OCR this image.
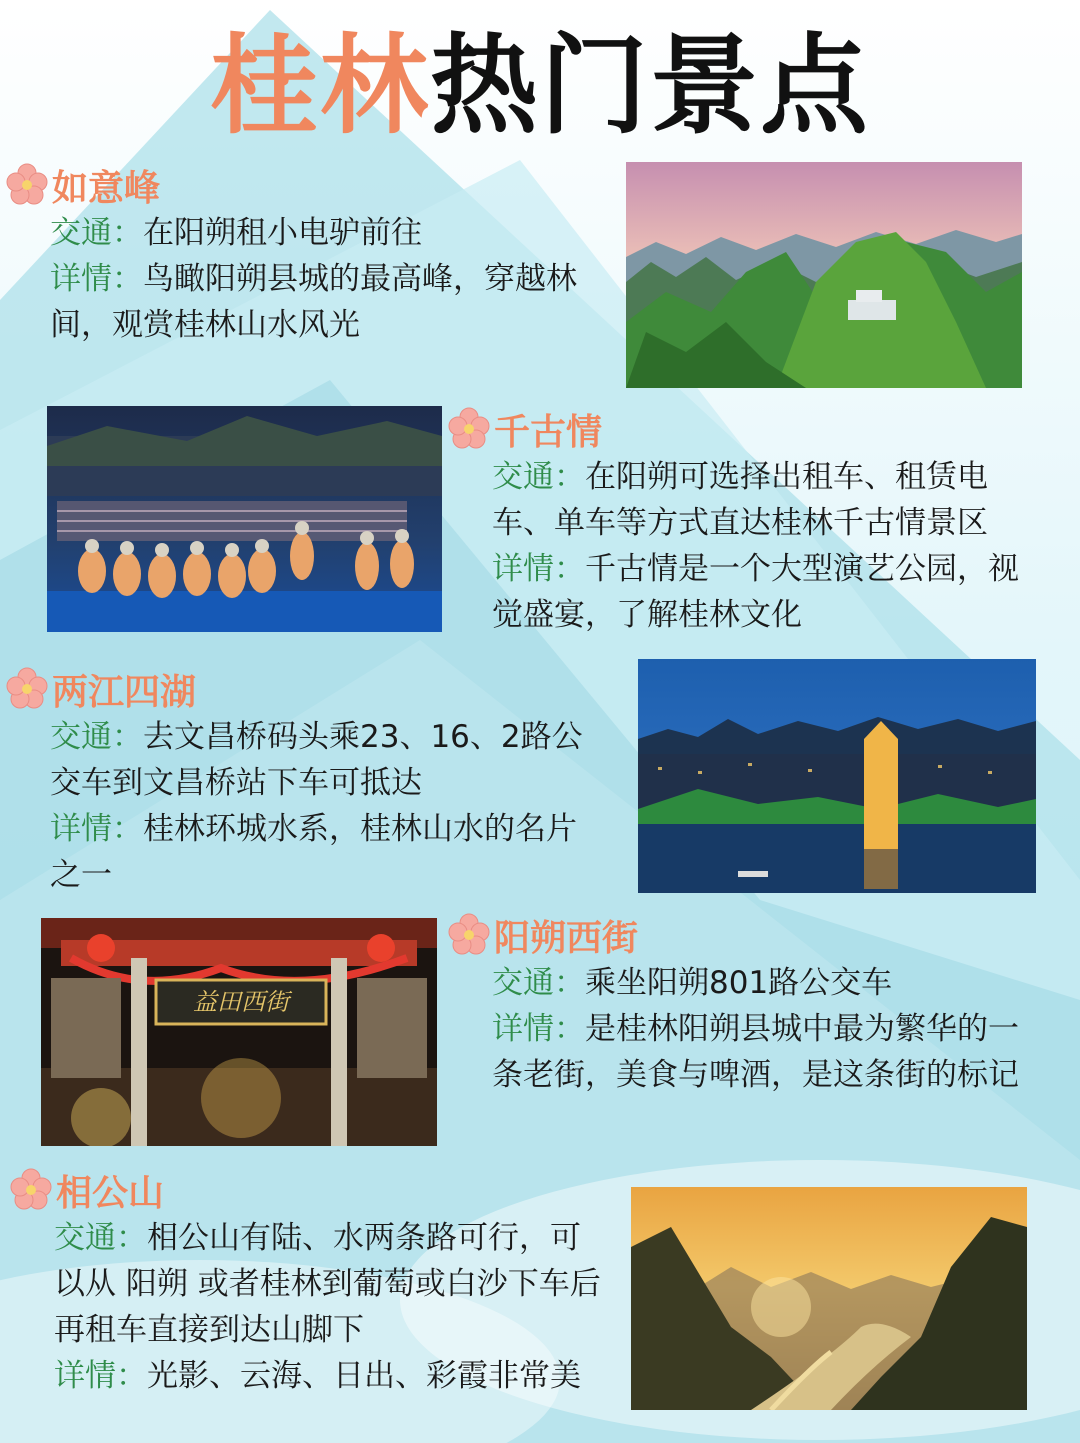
桂林热门景点
如意峰
交通：在阳朔租小电驴前往
详情：鸟瞰阳朔县城的最高峰，穿越林间，观赏桂林山水风光
千古情
交通：在阳朔可选择出租车、租赁电车、单车等方式直达桂林千古情景区
详情：千古情是一个大型演艺公园，视觉盛宴，了解桂林文化
两江四湖
交通：去文昌桥码头乘23、16、2路公交车到文昌桥站下车可抵达
详情：桂林环城水系，桂林山水的名片之一
益田西街
阳朔西街
交通：乘坐阳朔801路公交车
详情：是桂林阳朔县城中最为繁华的一条老街，美食与啤酒，是这条街的标记
相公山
交通：相公山有陆、水两条路可行，可以从 阳朔 或者桂林到葡萄或白沙下车后再租车直接到达山脚下
详情：光影、云海、日出、彩霞非常美
